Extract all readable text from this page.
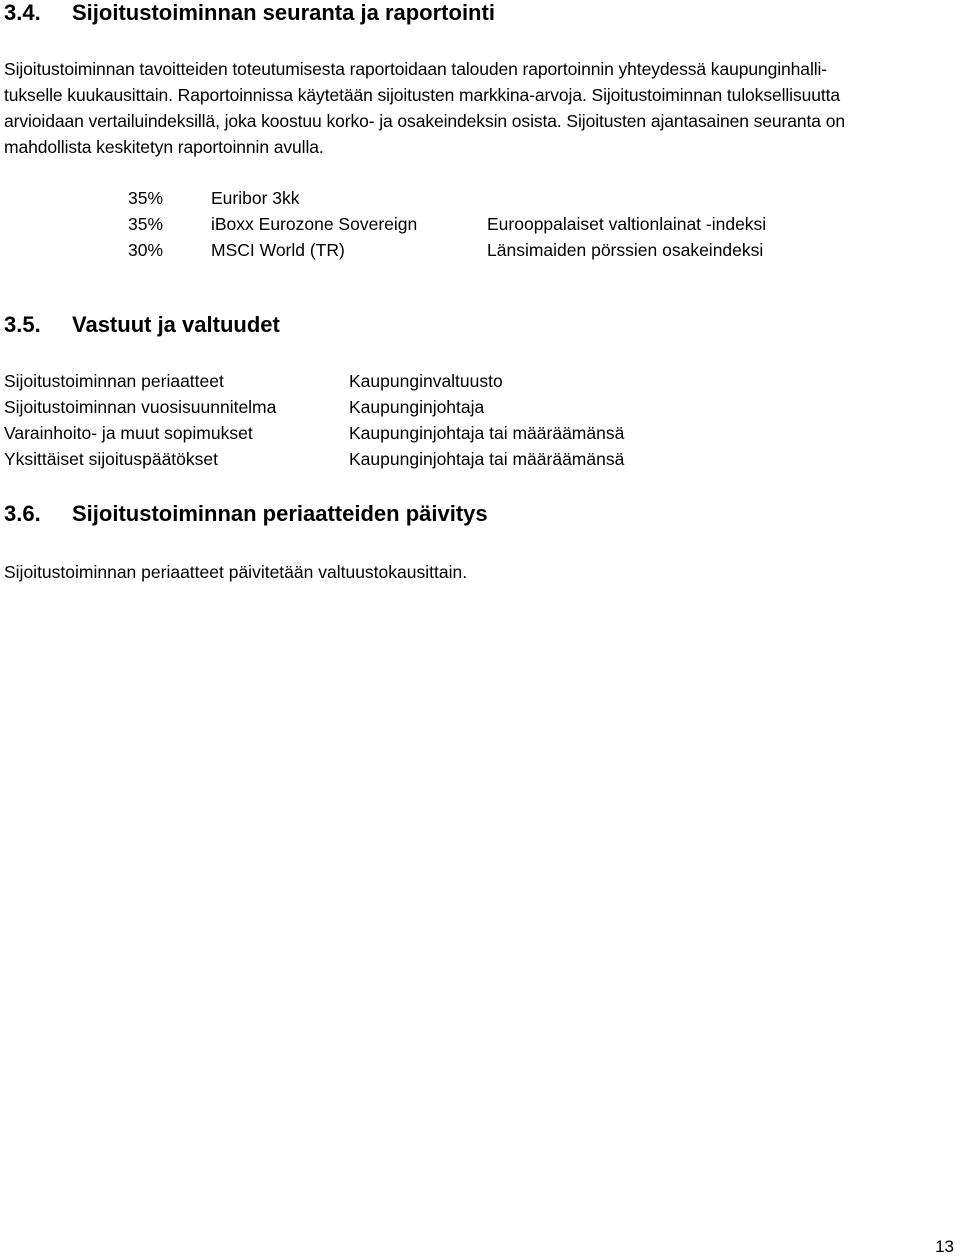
3.4. Sijoitustoiminnan seuranta ja raportointi
Sijoitustoiminnan tavoitteiden toteutumisesta raportoidaan talouden raportoinnin yhteydessä kaupunginhalli-
tukselle kuukausittain. Raportoinnissa käytetään sijoitusten markkina-arvoja. Sijoitustoiminnan tuloksellisuutta
arvioidaan vertailuindeksillä, joka koostuu korko- ja osakeindeksin osista. Sijoitusten ajantasainen seuranta on
mahdollista keskitetyn raportoinnin avulla.
35%	Euribor 3kk
35%	iBoxx Eurozone Sovereign	Eurooppalaiset valtionlainat -indeksi
30%	MSCI World (TR)	Länsimaiden pörssien osakeindeksi
3.5. Vastuut ja valtuudet
Sijoitustoiminnan periaatteet	Kaupunginvaltuusto
Sijoitustoiminnan vuosisuunnitelma	Kaupunginjohtaja
Varainhoito- ja muut sopimukset	Kaupunginjohtaja tai määräämänsä
Yksittäiset sijoituspäätökset	Kaupunginjohtaja tai määräämänsä
3.6. Sijoitustoiminnan periaatteiden päivitys
Sijoitustoiminnan periaatteet päivitetään valtuustokausittain.
13
